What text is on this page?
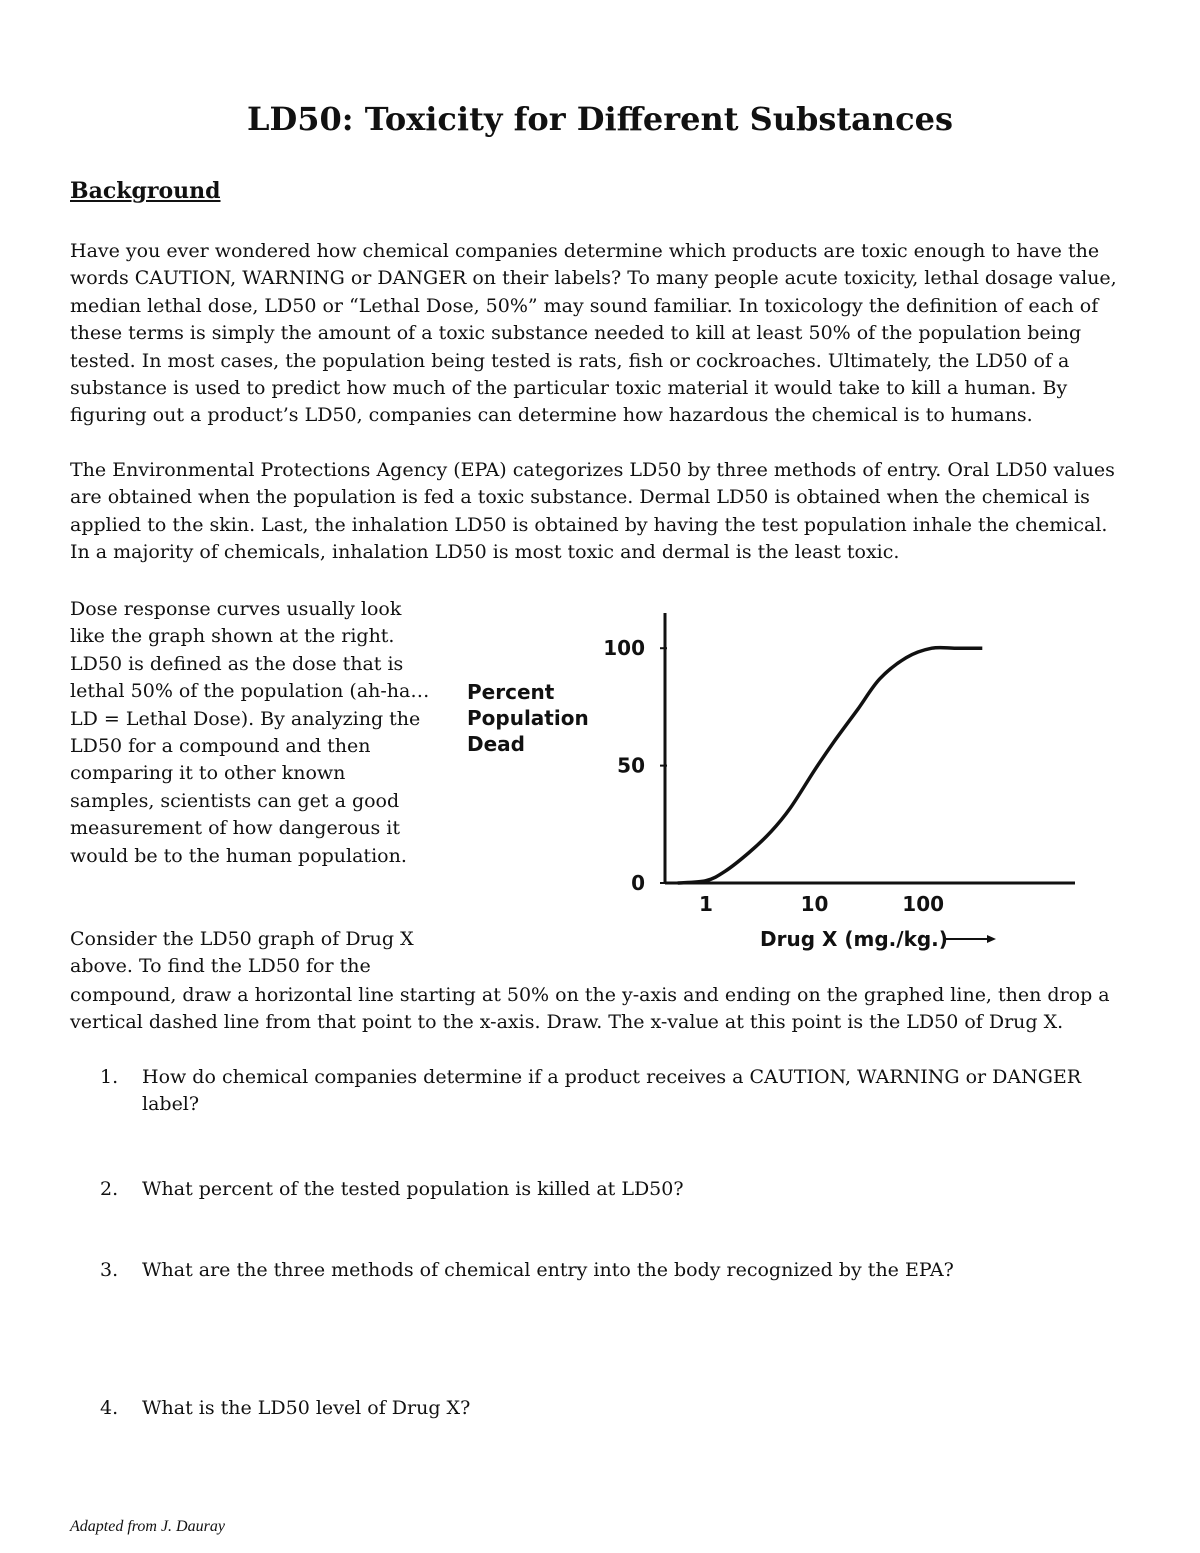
LD50: Toxicity for Different Substances
Background

Have you ever wondered how chemical companies determine which products are toxic enough to have the words CAUTION, WARNING or DANGER on their labels? To many people acute toxicity, lethal dosage value, median lethal dose, LD50 or “Lethal Dose, 50%” may sound familiar. In toxicology the definition of each of these terms is simply the amount of a toxic substance needed to kill at least 50% of the population being tested. In most cases, the population being tested is rats, fish or cockroaches. Ultimately, the LD50 of a substance is used to predict how much of the particular toxic material it would take to kill a human. By figuring out a product’s LD50, companies can determine how hazardous the chemical is to humans.

The Environmental Protections Agency (EPA) categorizes LD50 by three methods of entry. Oral LD50 values are obtained when the population is fed a toxic substance. Dermal LD50 is obtained when the chemical is applied to the skin. Last, the inhalation LD50 is obtained by having the test population inhale the chemical. In a majority of chemicals, inhalation LD50 is most toxic and dermal is the least toxic.

Dose response curves usually look like the graph shown at the right. LD50 is defined as the dose that is lethal 50% of the population (ah-ha… LD = Lethal Dose). By analyzing the LD50 for a compound and then comparing it to other known samples, scientists can get a good measurement of how dangerous it would be to the human population.

Percent
Population
Dead
0
50
100
1	10	100
Drug X (mg./kg.)

Consider the LD50 graph of Drug X above. To find the LD50 for the

compound, draw a horizontal line starting at 50% on the y-axis and ending on the graphed line, then drop a vertical dashed line from that point to the x-axis. Draw. The x-value at this point is the LD50 of Drug X.

1.	How do chemical companies determine if a product receives a CAUTION, WARNING or DANGER label?
2.	What percent of the tested population is killed at LD50?
3.	What are the three methods of chemical entry into the body recognized by the EPA?
4.	What is the LD50 level of Drug X?
Adapted from J. Dauray
